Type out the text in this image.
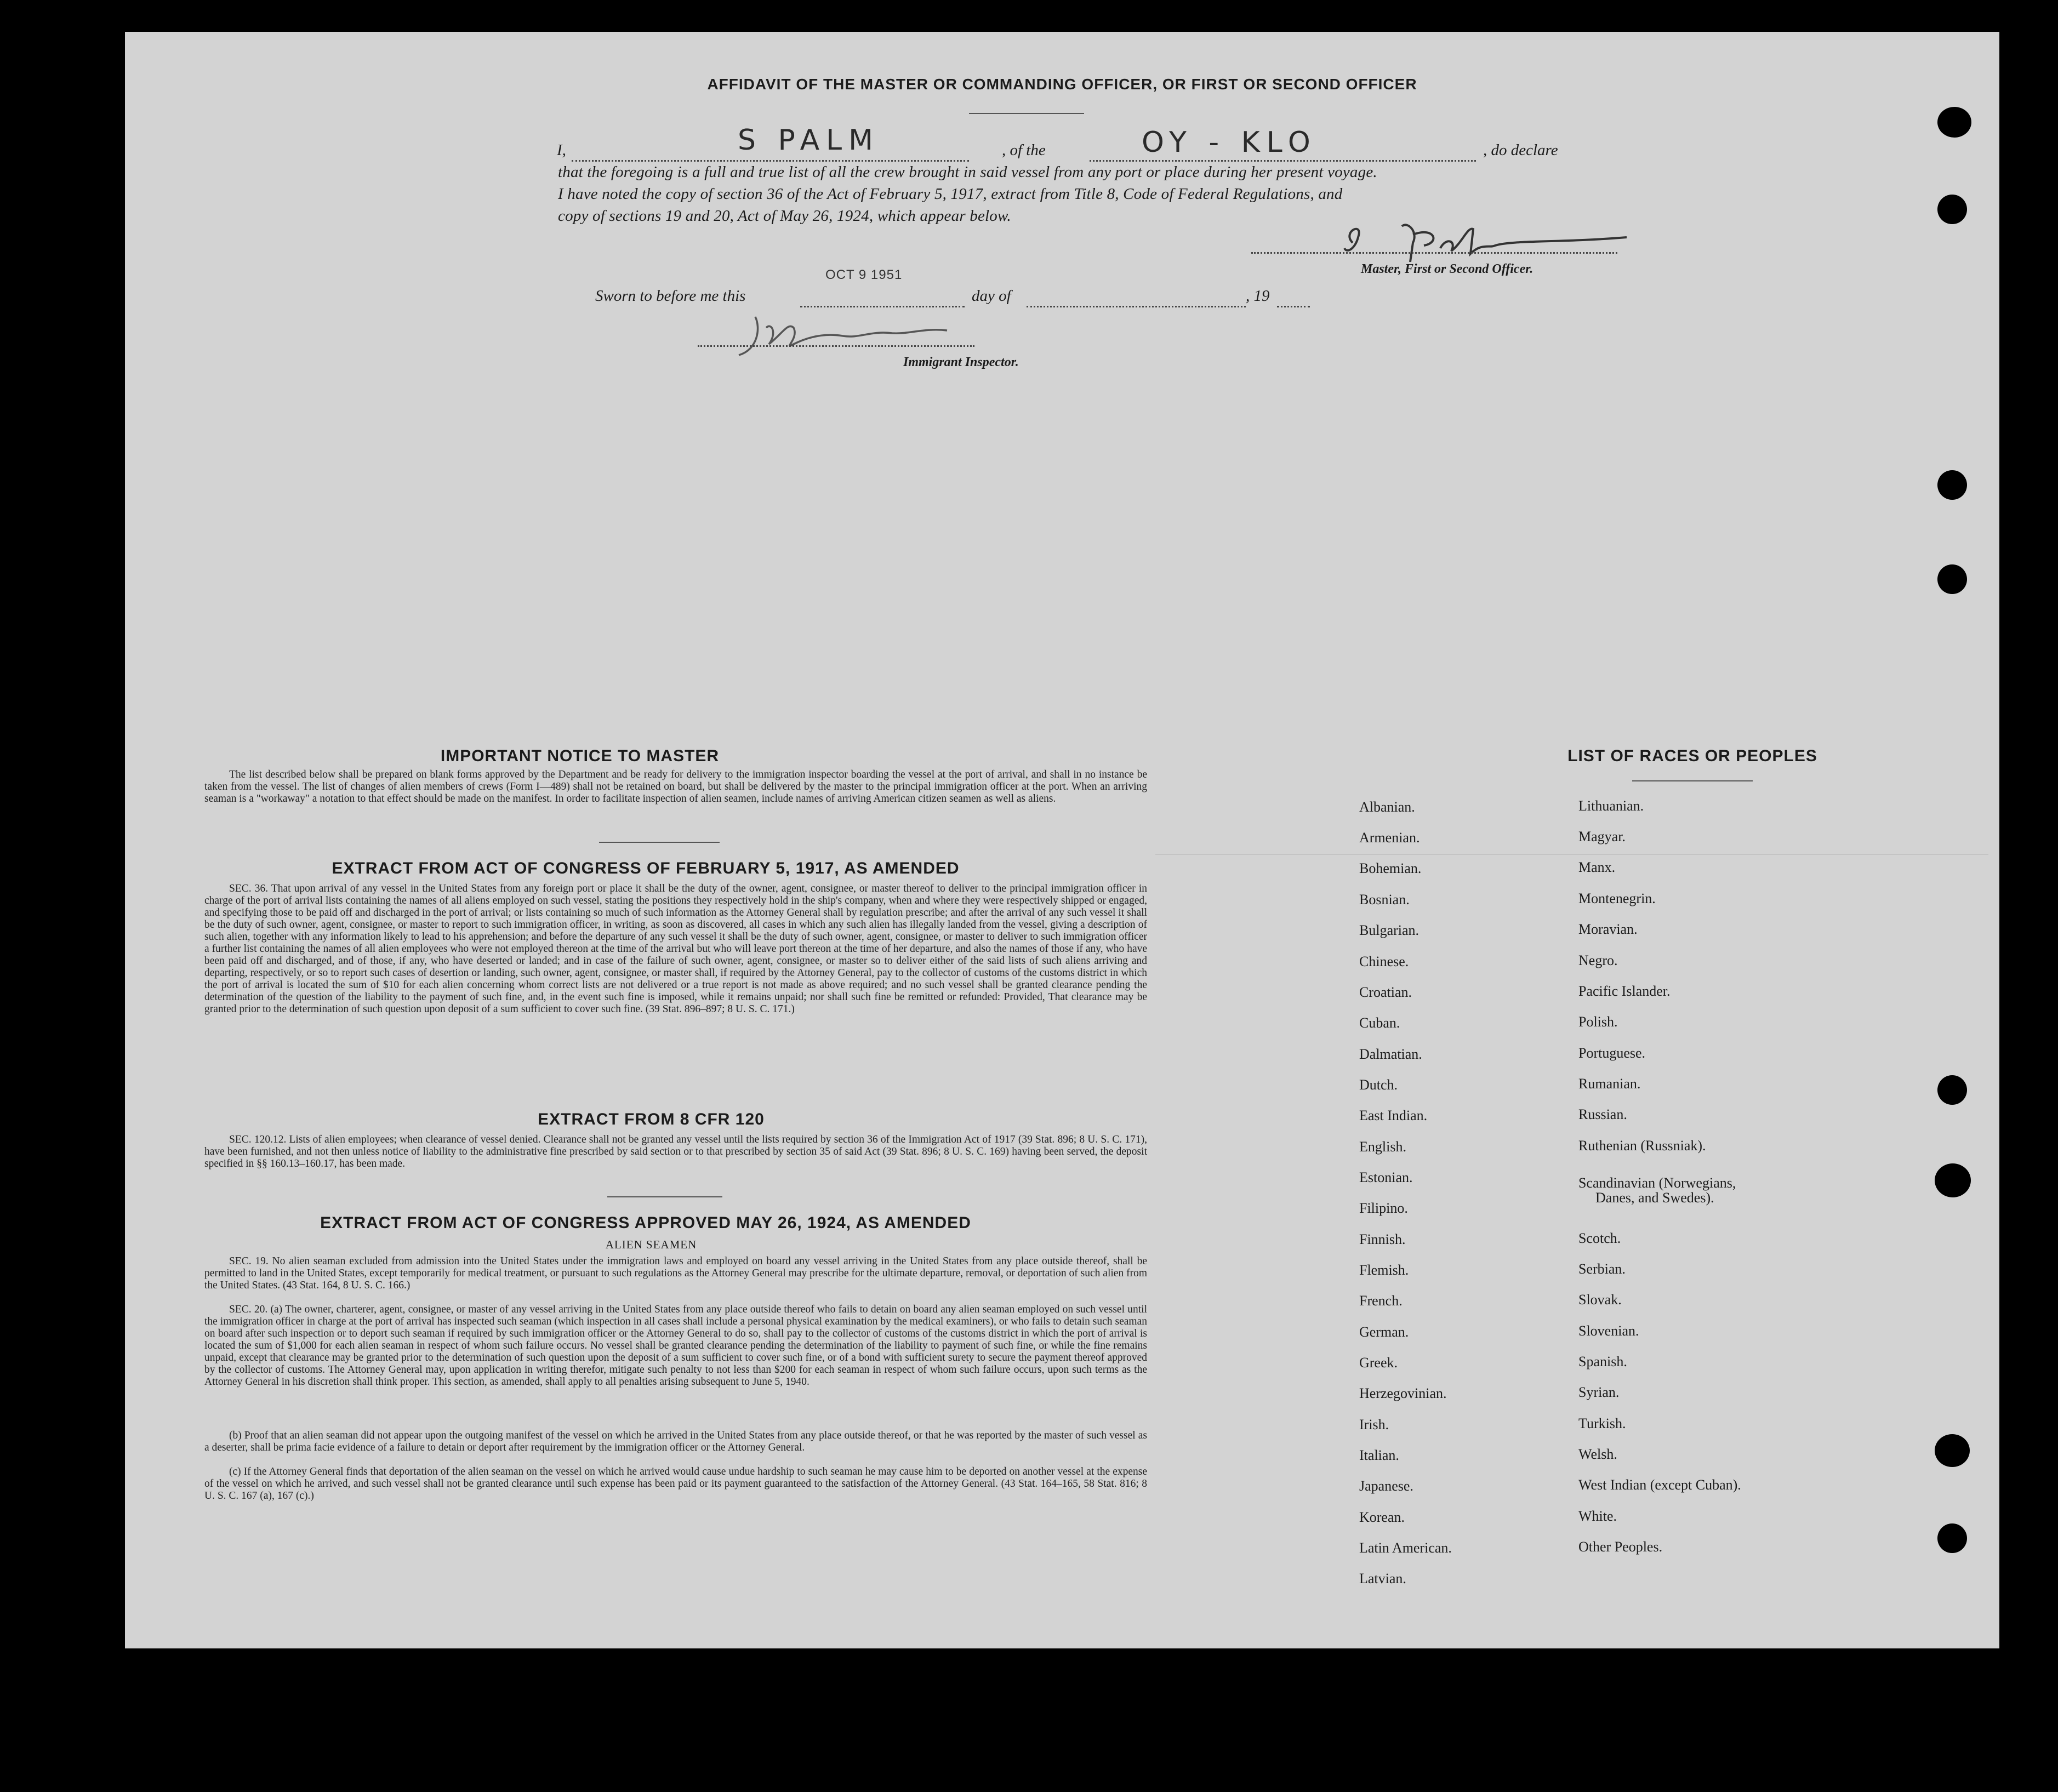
AFFIDAVIT OF THE MASTER OR COMMANDING OFFICER, OR FIRST OR SECOND OFFICER
I,	S PALM	, of the	OY - KLO	, do declare
that the foregoing is a full and true list of all the crew brought in said vessel from any port or place during her present voyage.
I have noted the copy of section 36 of the Act of February 5, 1917, extract from Title 8, Code of Federal Regulations, and
copy of sections 19 and 20, Act of May 26, 1924, which appear below.
Master, First or Second Officer.
OCT 9 1951
Sworn to before me this	day of	, 19
Immigrant Inspector.
IMPORTANT NOTICE TO MASTER

The list described below shall be prepared on blank forms approved by the Department and be ready for delivery to the immigration inspector boarding the vessel at the port of arrival, and shall in no instance be taken from the vessel. The list of changes of alien members of crews (Form I—489) shall not be retained on board, but shall be delivered by the master to the principal immigration officer at the port. When an arriving seaman is a "workaway" a notation to that effect should be made on the manifest. In order to facilitate inspection of alien seamen, include names of arriving American citizen seamen as well as aliens.

EXTRACT FROM ACT OF CONGRESS OF FEBRUARY 5, 1917, AS AMENDED

SEC. 36. That upon arrival of any vessel in the United States from any foreign port or place it shall be the duty of the owner, agent, consignee, or master thereof to deliver to the principal immigration officer in charge of the port of arrival lists containing the names of all aliens employed on such vessel, stating the positions they respectively hold in the ship's company, when and where they were respectively shipped or engaged, and specifying those to be paid off and discharged in the port of arrival; or lists containing so much of such information as the Attorney General shall by regulation prescribe; and after the arrival of any such vessel it shall be the duty of such owner, agent, consignee, or master to report to such immigration officer, in writing, as soon as discovered, all cases in which any such alien has illegally landed from the vessel, giving a description of such alien, together with any information likely to lead to his apprehension; and before the departure of any such vessel it shall be the duty of such owner, agent, consignee, or master to deliver to such immigration officer a further list containing the names of all alien employees who were not employed thereon at the time of the arrival but who will leave port thereon at the time of her departure, and also the names of those if any, who have been paid off and discharged, and of those, if any, who have deserted or landed; and in case of the failure of such owner, agent, consignee, or master so to deliver either of the said lists of such aliens arriving and departing, respectively, or so to report such cases of desertion or landing, such owner, agent, consignee, or master shall, if required by the Attorney General, pay to the collector of customs of the customs district in which the port of arrival is located the sum of $10 for each alien concerning whom correct lists are not delivered or a true report is not made as above required; and no such vessel shall be granted clearance pending the determination of the question of the liability to the payment of such fine, and, in the event such fine is imposed, while it remains unpaid; nor shall such fine be remitted or refunded: Provided, That clearance may be granted prior to the determination of such question upon deposit of a sum sufficient to cover such fine. (39 Stat. 896–897; 8 U. S. C. 171.)

EXTRACT FROM 8 CFR 120

SEC. 120.12. Lists of alien employees; when clearance of vessel denied. Clearance shall not be granted any vessel until the lists required by section 36 of the Immigration Act of 1917 (39 Stat. 896; 8 U. S. C. 171), have been furnished, and not then unless notice of liability to the administrative fine prescribed by said section or to that prescribed by section 35 of said Act (39 Stat. 896; 8 U. S. C. 169) having been served, the deposit specified in §§ 160.13–160.17, has been made.

EXTRACT FROM ACT OF CONGRESS APPROVED MAY 26, 1924, AS AMENDED
ALIEN SEAMEN

SEC. 19. No alien seaman excluded from admission into the United States under the immigration laws and employed on board any vessel arriving in the United States from any place outside thereof, shall be permitted to land in the United States, except temporarily for medical treatment, or pursuant to such regulations as the Attorney General may prescribe for the ultimate departure, removal, or deportation of such alien from the United States. (43 Stat. 164, 8 U. S. C. 166.)

SEC. 20. (a) The owner, charterer, agent, consignee, or master of any vessel arriving in the United States from any place outside thereof who fails to detain on board any alien seaman employed on such vessel until the immigration officer in charge at the port of arrival has inspected such seaman (which inspection in all cases shall include a personal physical examination by the medical examiners), or who fails to detain such seaman on board after such inspection or to deport such seaman if required by such immigration officer or the Attorney General to do so, shall pay to the collector of customs of the customs district in which the port of arrival is located the sum of $1,000 for each alien seaman in respect of whom such failure occurs. No vessel shall be granted clearance pending the determination of the liability to payment of such fine, or while the fine remains unpaid, except that clearance may be granted prior to the determination of such question upon the deposit of a sum sufficient to cover such fine, or of a bond with sufficient surety to secure the payment thereof approved by the collector of customs. The Attorney General may, upon application in writing therefor, mitigate such penalty to not less than $200 for each seaman in respect of whom such failure occurs, upon such terms as the Attorney General in his discretion shall think proper. This section, as amended, shall apply to all penalties arising subsequent to June 5, 1940.

(b) Proof that an alien seaman did not appear upon the outgoing manifest of the vessel on which he arrived in the United States from any place outside thereof, or that he was reported by the master of such vessel as a deserter, shall be prima facie evidence of a failure to detain or deport after requirement by the immigration officer or the Attorney General.

(c) If the Attorney General finds that deportation of the alien seaman on the vessel on which he arrived would cause undue hardship to such seaman he may cause him to be deported on another vessel at the expense of the vessel on which he arrived, and such vessel shall not be granted clearance until such expense has been paid or its payment guaranteed to the satisfaction of the Attorney General. (43 Stat. 164–165, 58 Stat. 816; 8 U. S. C. 167 (a), 167 (c).)

LIST OF RACES OR PEOPLES

Albanian.

Armenian.

Bohemian.

Bosnian.

Bulgarian.

Chinese.

Croatian.

Cuban.

Dalmatian.

Dutch.

East Indian.

English.

Estonian.

Filipino.

Finnish.

Flemish.

French.

German.

Greek.

Herzegovinian.

Irish.

Italian.

Japanese.

Korean.

Latin American.

Latvian.

Lithuanian.

Magyar.

Manx.

Montenegrin.

Moravian.

Negro.

Pacific Islander.

Polish.

Portuguese.

Rumanian.

Russian.

Ruthenian (Russniak).

Scandinavian (Norwegians,

Danes, and Swedes).

Scotch.

Serbian.

Slovak.

Slovenian.

Spanish.

Syrian.

Turkish.

Welsh.

West Indian (except Cuban).

White.

Other Peoples.
